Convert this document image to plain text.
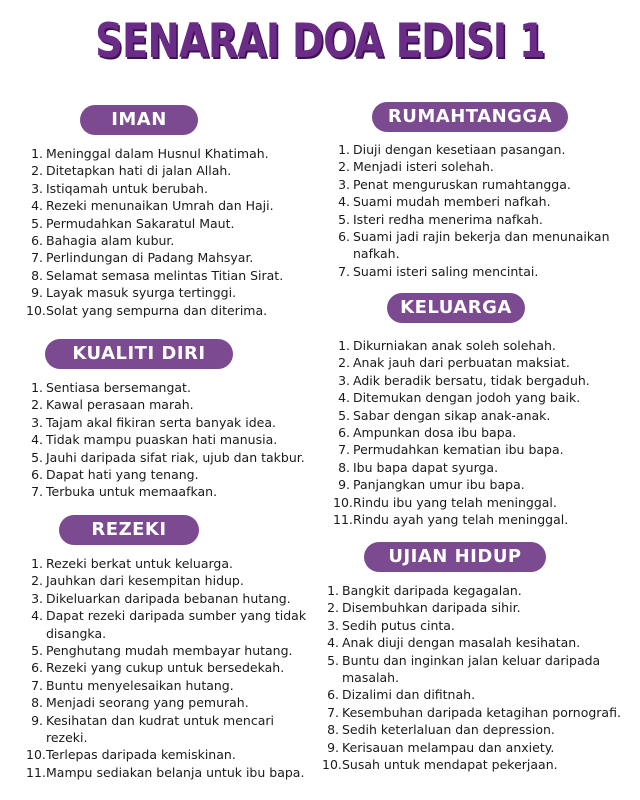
SENARAI DOA EDISI 1
IMAN
1. Meninggal dalam Husnul Khatimah.
2. Ditetapkan hati di jalan Allah.
3. Istiqamah untuk berubah.
4. Rezeki menunaikan Umrah dan Haji.
5. Permudahkan Sakaratul Maut.
6. Bahagia alam kubur.
7. Perlindungan di Padang Mahsyar.
8. Selamat semasa melintas Titian Sirat.
9. Layak masuk syurga tertinggi.
10. Solat yang sempurna dan diterima.
KUALITI DIRI
1. Sentiasa bersemangat.
2. Kawal perasaan marah.
3. Tajam akal fikiran serta banyak idea.
4. Tidak mampu puaskan hati manusia.
5. Jauhi daripada sifat riak, ujub dan takbur.
6. Dapat hati yang tenang.
7. Terbuka untuk memaafkan.
REZEKI
1. Rezeki berkat untuk keluarga.
2. Jauhkan dari kesempitan hidup.
3. Dikeluarkan daripada bebanan hutang.
4. Dapat rezeki daripada sumber yang tidak disangka.
5. Penghutang mudah membayar hutang.
6. Rezeki yang cukup untuk bersedekah.
7. Buntu menyelesaikan hutang.
8. Menjadi seorang yang pemurah.
9. Kesihatan dan kudrat untuk mencari rezeki.
10. Terlepas daripada kemiskinan.
11. Mampu sediakan belanja untuk ibu bapa.
RUMAHTANGGA
1. Diuji dengan kesetiaan pasangan.
2. Menjadi isteri solehah.
3. Penat menguruskan rumahtangga.
4. Suami mudah memberi nafkah.
5. Isteri redha menerima nafkah.
6. Suami jadi rajin bekerja dan menunaikan nafkah.
7. Suami isteri saling mencintai.
KELUARGA
1. Dikurniakan anak soleh solehah.
2. Anak jauh dari perbuatan maksiat.
3. Adik beradik bersatu, tidak bergaduh.
4. Ditemukan dengan jodoh yang baik.
5. Sabar dengan sikap anak-anak.
6. Ampunkan dosa ibu bapa.
7. Permudahkan kematian ibu bapa.
8. Ibu bapa dapat syurga.
9. Panjangkan umur ibu bapa.
10. Rindu ibu yang telah meninggal.
11. Rindu ayah yang telah meninggal.
UJIAN HIDUP
1. Bangkit daripada kegagalan.
2. Disembuhkan daripada sihir.
3. Sedih putus cinta.
4. Anak diuji dengan masalah kesihatan.
5. Buntu dan inginkan jalan keluar daripada masalah.
6. Dizalimi dan difitnah.
7. Kesembuhan daripada ketagihan pornografi.
8. Sedih keterlaluan dan depression.
9. Kerisauan melampau dan anxiety.
10. Susah untuk mendapat pekerjaan.
